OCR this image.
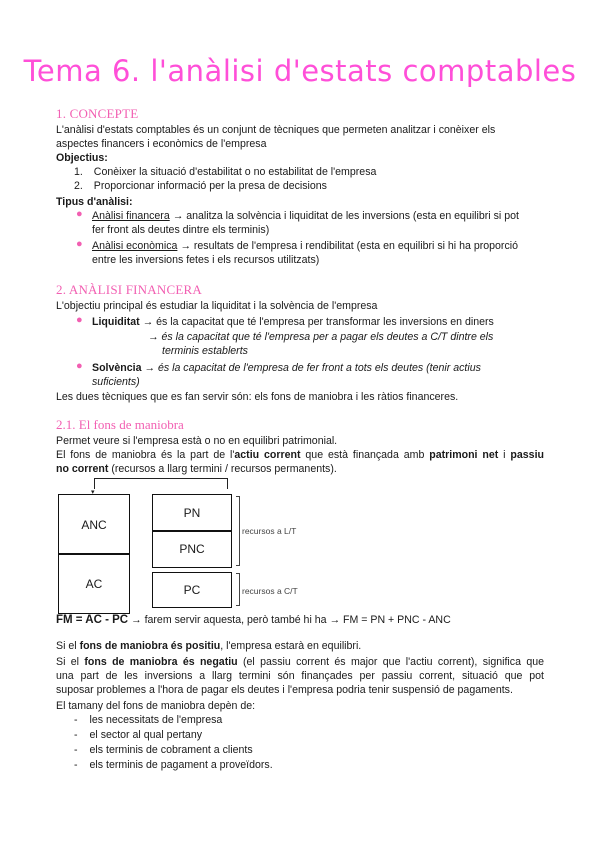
Tema 6. l'anàlisi d'estats comptables
1. CONCEPTE
L'anàlisi d'estats comptables és un conjunt de tècniques que permeten analitzar i conèixer els
aspectes financers i econòmics de l'empresa
Objectius:
1. Conèixer la situació d'estabilitat o no estabilitat de l'empresa
2. Proporcionar informació per la presa de decisions
Tipus d'anàlisi:
● Anàlisi financera → analitza la solvència i liquiditat de les inversions (esta en equilibri si pot
fer front als deutes dintre els terminis)
● Anàlisi econòmica → resultats de l'empresa i rendibilitat (esta en equilibri si hi ha proporció
entre les inversions fetes i els recursos utilitzats)
2. ANÀLISI FINANCERA
L'objectiu principal és estudiar la liquiditat i la solvència de l'empresa
● Liquiditat → és la capacitat que té l'empresa per transformar les inversions en diners
→ és la capacitat que té l'empresa per a pagar els deutes a C/T dintre els
terminis establerts
● Solvència → és la capacitat de l'empresa de fer front a tots els deutes (tenir actius
suficients)
Les dues tècniques que es fan servir són: els fons de maniobra i les ràtios financeres.
2.1. El fons de maniobra
Permet veure si l'empresa està o no en equilibri patrimonial.
El fons de maniobra és la part de l'actiu corrent que està finançada amb patrimoni net i passiu
no corrent (recursos a llarg termini / recursos permanents).
▾
ANC
AC
PN
PNC
PC
recursos a L/T
recursos a C/T
FM = AC - PC → farem servir aquesta, però també hi ha → FM = PN + PNC - ANC
Si el fons de maniobra és positiu, l'empresa estarà en equilibri.
Si el fons de maniobra és negatiu (el passiu corrent és major que l'actiu corrent), significa que
una part de les inversions a llarg termini són finançades per passiu corrent, situació que pot
suposar problemes a l'hora de pagar els deutes i l'empresa podria tenir suspensió de pagaments.
El tamany del fons de maniobra depèn de:
- les necessitats de l'empresa
- el sector al qual pertany
- els terminis de cobrament a clients
- els terminis de pagament a proveïdors.
